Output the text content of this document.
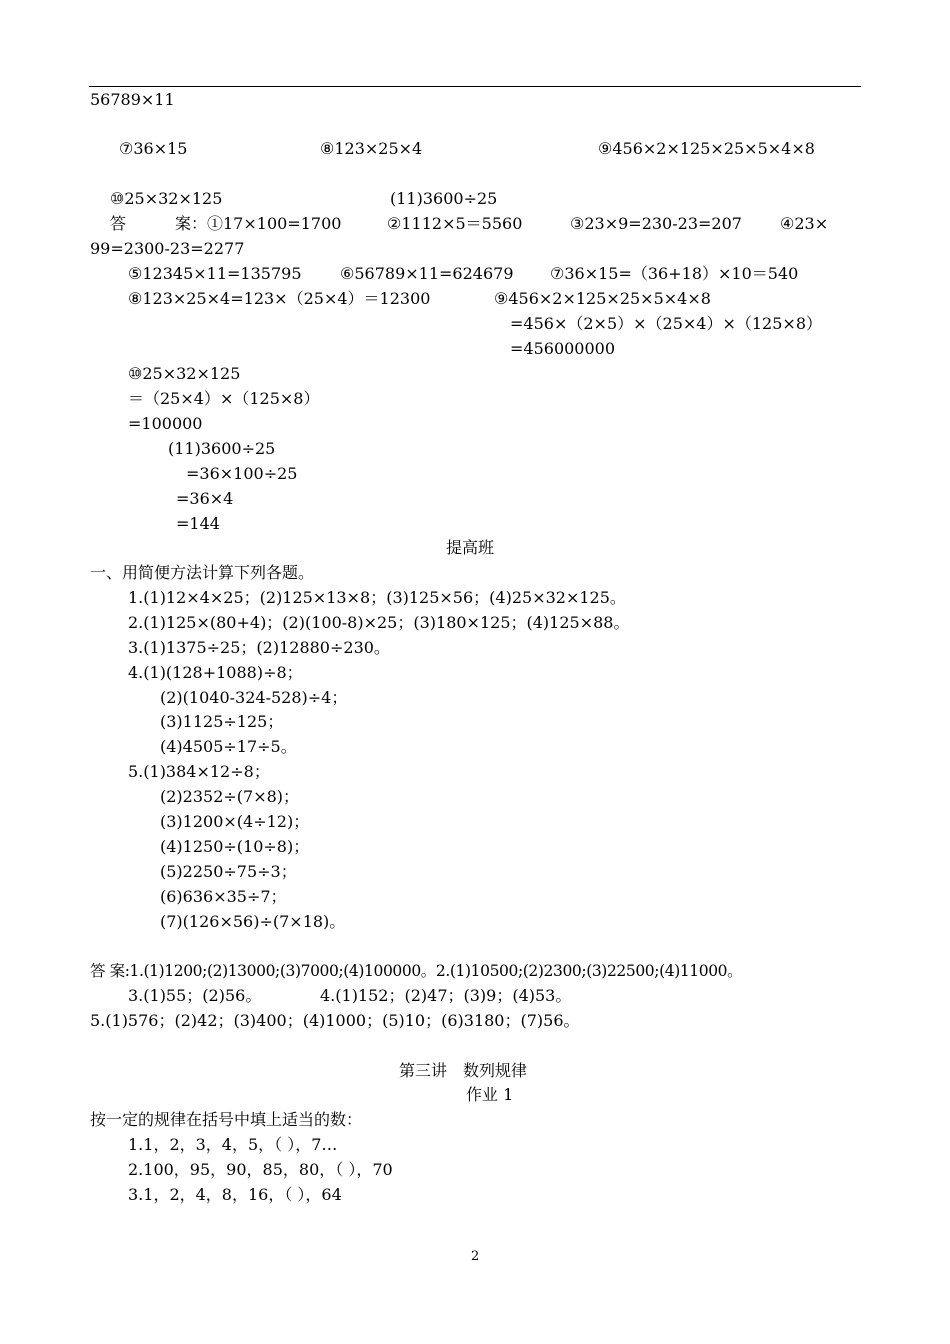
56789×11
⑦36×15	⑧123×25×4	⑨456×2×125×25×5×4×8
⑩25×32×125	(11)3600÷25
答	案：①17×100=1700	②1112×5＝5560	③23×9=230-23=207 ④23×
99=2300-23=2277
⑤12345×11=135795 ⑥56789×11=624679 ⑦36×15=（36+18）×10＝540
⑧123×25×4=123×（25×4）＝12300	⑨456×2×125×25×5×4×8
=456×（2×5）×（25×4）×（125×8）
=456000000
⑩25×32×125
＝（25×4）×（125×8）
=100000
(11)3600÷25
=36×100÷25
=36×4
=144
提高班
一、用简便方法计算下列各题。
1.(1)12×4×25；(2)125×13×8；(3)125×56；(4)25×32×125。
2.(1)125×(80+4)；(2)(100-8)×25；(3)180×125；(4)125×88。
3.(1)1375÷25；(2)12880÷230。
4.(1)(128+1088)÷8；
(2)(1040-324-528)÷4；
(3)1125÷125；
(4)4505÷17÷5。
5.(1)384×12÷8；
(2)2352÷(7×8)；
(3)1200×(4÷12)；
(4)1250÷(10÷8)；
(5)2250÷75÷3；
(6)636×35÷7；
(7)(126×56)÷(7×18)。
答 案:1.(1)1200;(2)13000;(3)7000;(4)100000。2.(1)10500;(2)2300;(3)22500;(4)11000。
3.(1)55；(2)56。	4.(1)152；(2)47；(3)9；(4)53。
5.(1)576；(2)42；(3)400；(4)1000；(5)10；(6)3180；(7)56。
第三讲　数列规律
作业 1
按一定的规律在括号中填上适当的数：
1.1，2，3，4，5，（ ），7…
2.100，95，90，85，80，（ ），70
3.1，2，4，8，16，（ ），64
2
